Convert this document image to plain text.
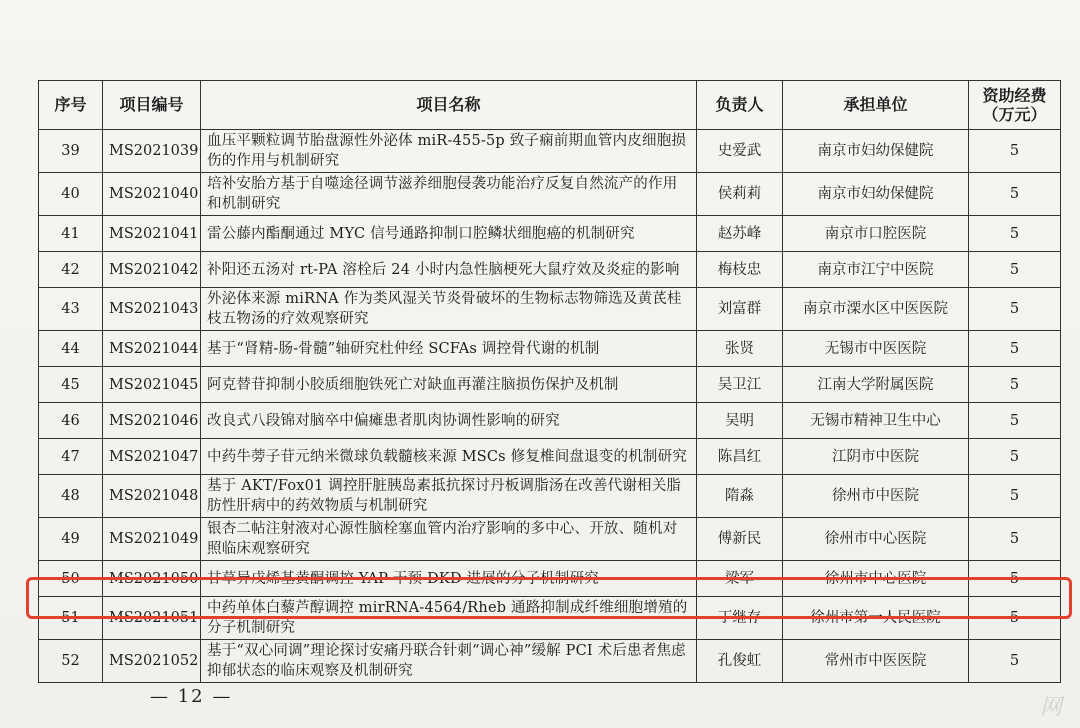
序号	项目编号	项目名称	负责人	承担单位	资助经费
（万元）
39	MS2021039	血压平颗粒调节胎盘源性外泌体 miR-455-5p 致子痫前期血管内皮细胞损伤的作用与机制研究	史爱武	南京市妇幼保健院	5
40	MS2021040	培补安胎方基于自噬途径调节滋养细胞侵袭功能治疗反复自然流产的作用和机制研究	侯莉莉	南京市妇幼保健院	5
41	MS2021041	雷公藤内酯酮通过 MYC 信号通路抑制口腔鳞状细胞癌的机制研究	赵苏峰	南京市口腔医院	5
42	MS2021042	补阳还五汤对 rt-PA 溶栓后 24 小时内急性脑梗死大鼠疗效及炎症的影响	梅枝忠	南京市江宁中医院	5
43	MS2021043	外泌体来源 miRNA 作为类风湿关节炎骨破坏的生物标志物筛选及黄芪桂枝五物汤的疗效观察研究	刘富群	南京市溧水区中医医院	5
44	MS2021044	基于“肾精-肠-骨髓”轴研究杜仲经 SCFAs 调控骨代谢的机制	张贤	无锡市中医医院	5
45	MS2021045	阿克替苷抑制小胶质细胞铁死亡对缺血再灌注脑损伤保护及机制	吴卫江	江南大学附属医院	5
46	MS2021046	改良式八段锦对脑卒中偏瘫患者肌肉协调性影响的研究	吴明	无锡市精神卫生中心	5
47	MS2021047	中药牛蒡子苷元纳米微球负载髓核来源 MSCs 修复椎间盘退变的机制研究	陈昌红	江阴市中医院	5
48	MS2021048	基于 AKT/Fox01 调控肝脏胰岛素抵抗探讨丹板调脂汤在改善代谢相关脂肪性肝病中的药效物质与机制研究	隋淼	徐州市中医院	5
49	MS2021049	银杏二帖注射液对心源性脑栓塞血管内治疗影响的多中心、开放、随机对照临床观察研究	傅新民	徐州市中心医院	5
50	MS2021050	甘草异戊烯基黄酮调控 YAP 干预 DKD 进展的分子机制研究	梁军	徐州市中心医院	5
51	MS2021051	中药单体白藜芦醇调控 mirRNA-4564/Rheb 通路抑制成纤维细胞增殖的分子机制研究	丁继存	徐州市第一人民医院	5
52	MS2021052	基于“双心同调”理论探讨安痛丹联合针刺“调心神”缓解 PCI 术后患者焦虑抑郁状态的临床观察及机制研究	孔俊虹	常州市中医医院	5
— 12 —	网
